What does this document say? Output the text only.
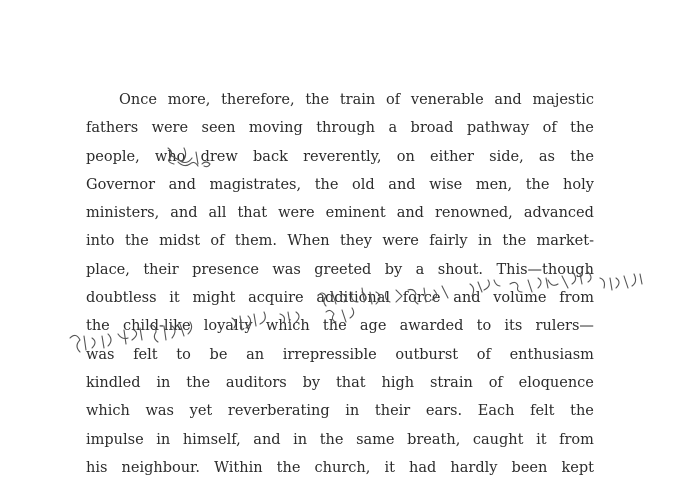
Once more, therefore, the train of venerable and majestic
fathers were seen moving through a broad pathway of the
people, who drew back reverently, on either side, as the
Governor and magistrates, the old and wise men, the holy
ministers, and all that were eminent and renowned, advanced
into the midst of them. When they were fairly in the market-
place, their presence was greeted by a shout. This—though
doubtless it might acquire additional force and volume from
the child-like loyalty which the age awarded to its rulers—
was felt to be an irrepressible outburst of enthusiasm
kindled in the auditors by that high strain of eloquence
which was yet reverberating in their ears. Each felt the
impulse in himself, and in the same breath, caught it from
his neighbour. Within the church, it had hardly been kept
